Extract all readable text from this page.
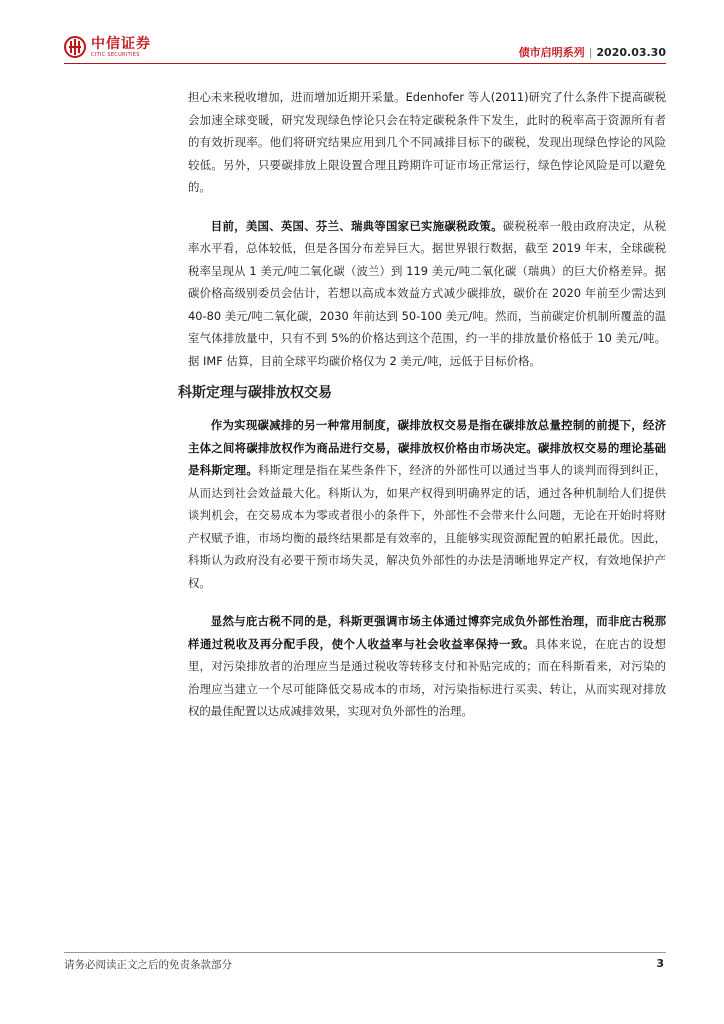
中信证券
CITIC SECURITIES	债市启明系列 | 2020.03.30

担心未来税收增加，进而增加近期开采量。Edenhofer 等人(2011)研究了什么条件下提高碳税会加速全球变暖，研究发现绿色悖论只会在特定碳税条件下发生，此时的税率高于资源所有者的有效折现率。他们将研究结果应用到几个不同减排目标下的碳税，发现出现绿色悖论的风险较低。另外，只要碳排放上限设置合理且跨期许可证市场正常运行，绿色悖论风险是可以避免的。

目前，美国、英国、芬兰、瑞典等国家已实施碳税政策。碳税税率一般由政府决定，从税率水平看，总体较低，但是各国分布差异巨大。据世界银行数据，截至 2019 年末，全球碳税税率呈现从 1 美元/吨二氧化碳（波兰）到 119 美元/吨二氧化碳（瑞典）的巨大价格差异。据碳价格高级别委员会估计，若想以高成本效益方式减少碳排放，碳价在 2020 年前至少需达到 40-80 美元/吨二氧化碳，2030 年前达到 50-100 美元/吨。然而，当前碳定价机制所覆盖的温室气体排放量中，只有不到 5%的价格达到这个范围，约一半的排放量价格低于 10 美元/吨。据 IMF 估算，目前全球平均碳价格仅为 2 美元/吨，远低于目标价格。

科斯定理与碳排放权交易

作为实现碳减排的另一种常用制度，碳排放权交易是指在碳排放总量控制的前提下，经济主体之间将碳排放权作为商品进行交易，碳排放权价格由市场决定。碳排放权交易的理论基础是科斯定理。科斯定理是指在某些条件下，经济的外部性可以通过当事人的谈判而得到纠正，从而达到社会效益最大化。科斯认为，如果产权得到明确界定的话，通过各种机制给人们提供谈判机会，在交易成本为零或者很小的条件下，外部性不会带来什么问题，无论在开始时将财产权赋予谁，市场均衡的最终结果都是有效率的，且能够实现资源配置的帕累托最优。因此，科斯认为政府没有必要干预市场失灵，解决负外部性的办法是清晰地界定产权，有效地保护产权。

显然与庇古税不同的是，科斯更强调市场主体通过博弈完成负外部性治理，而非庇古税那样通过税收及再分配手段，使个人收益率与社会收益率保持一致。具体来说，在庇古的设想里，对污染排放者的治理应当是通过税收等转移支付和补贴完成的；而在科斯看来，对污染的治理应当建立一个尽可能降低交易成本的市场，对污染指标进行买卖、转让，从而实现对排放权的最佳配置以达成减排效果，实现对负外部性的治理。

请务必阅读正文之后的免责条款部分	3
